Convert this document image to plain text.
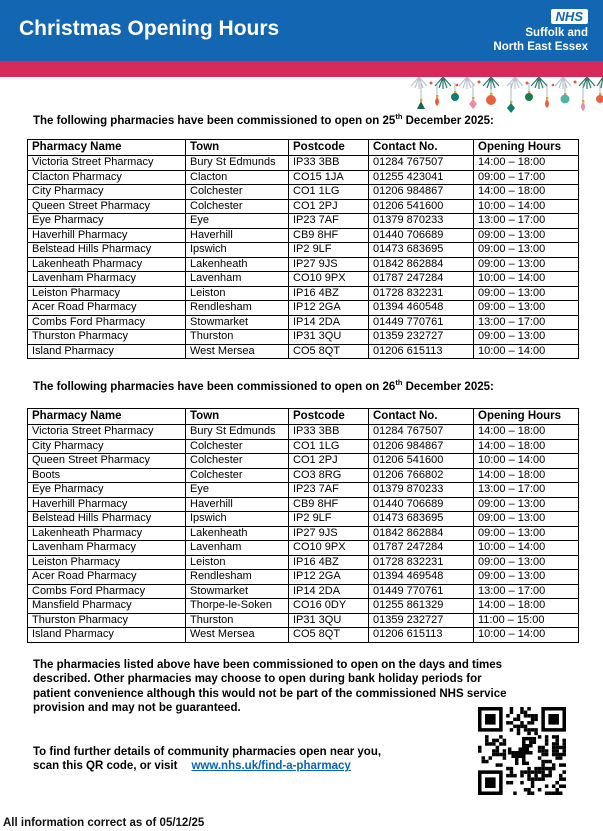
Christmas Opening Hours
NHS
Suffolk and
North East Essex
The following pharmacies have been commissioned to open on 25th December 2025:
Pharmacy Name	Town	Postcode	Contact No.	Opening Hours
Victoria Street Pharmacy	Bury St Edmunds	IP33 3BB	01284 767507	14:00 – 18:00
Clacton Pharmacy	Clacton	CO15 1JA	01255 423041	09:00 – 17:00
City Pharmacy	Colchester	CO1 1LG	01206 984867	14:00 – 18:00
Queen Street Pharmacy	Colchester	CO1 2PJ	01206 541600	10:00 – 14:00
Eye Pharmacy	Eye	IP23 7AF	01379 870233	13:00 – 17:00
Haverhill Pharmacy	Haverhill	CB9 8HF	01440 706689	09:00 – 13:00
Belstead Hills Pharmacy	Ipswich	IP2 9LF	01473 683695	09:00 – 13:00
Lakenheath Pharmacy	Lakenheath	IP27 9JS	01842 862884	09:00 – 13:00
Lavenham Pharmacy	Lavenham	CO10 9PX	01787 247284	10:00 – 14:00
Leiston Pharmacy	Leiston	IP16 4BZ	01728 832231	09:00 – 13:00
Acer Road Pharmacy	Rendlesham	IP12 2GA	01394 460548	09:00 – 13:00
Combs Ford Pharmacy	Stowmarket	IP14 2DA	01449 770761	13:00 – 17:00
Thurston Pharmacy	Thurston	IP31 3QU	01359 232727	09:00 – 13:00
Island Pharmacy	West Mersea	CO5 8QT	01206 615113	10:00 – 14:00
The following pharmacies have been commissioned to open on 26th December 2025:
Pharmacy Name	Town	Postcode	Contact No.	Opening Hours
Victoria Street Pharmacy	Bury St Edmunds	IP33 3BB	01284 767507	14:00 – 18:00
City Pharmacy	Colchester	CO1 1LG	01206 984867	14:00 – 18:00
Queen Street Pharmacy	Colchester	CO1 2PJ	01206 541600	10:00 – 14:00
Boots	Colchester	CO3 8RG	01206 766802	14:00 – 18:00
Eye Pharmacy	Eye	IP23 7AF	01379 870233	13:00 – 17:00
Haverhill Pharmacy	Haverhill	CB9 8HF	01440 706689	09:00 – 13:00
Belstead Hills Pharmacy	Ipswich	IP2 9LF	01473 683695	09:00 – 13:00
Lakenheath Pharmacy	Lakenheath	IP27 9JS	01842 862884	09:00 – 13:00
Lavenham Pharmacy	Lavenham	CO10 9PX	01787 247284	10:00 – 14:00
Leiston Pharmacy	Leiston	IP16 4BZ	01728 832231	09:00 – 13:00
Acer Road Pharmacy	Rendlesham	IP12 2GA	01394 469548	09:00 – 13:00
Combs Ford Pharmacy	Stowmarket	IP14 2DA	01449 770761	13:00 – 17:00
Mansfield Pharmacy	Thorpe-le-Soken	CO16 0DY	01255 861329	14:00 – 18:00
Thurston Pharmacy	Thurston	IP31 3QU	01359 232727	11:00 – 15:00
Island Pharmacy	West Mersea	CO5 8QT	01206 615113	10:00 – 14:00
The pharmacies listed above have been commissioned to open on the days and times
described. Other pharmacies may choose to open during bank holiday periods for
patient convenience although this would not be part of the commissioned NHS service
provision and may not be guaranteed.
To find further details of community pharmacies open near you,
scan this QR code, or visit www.nhs.uk/find-a-pharmacy
All information correct as of 05/12/25
